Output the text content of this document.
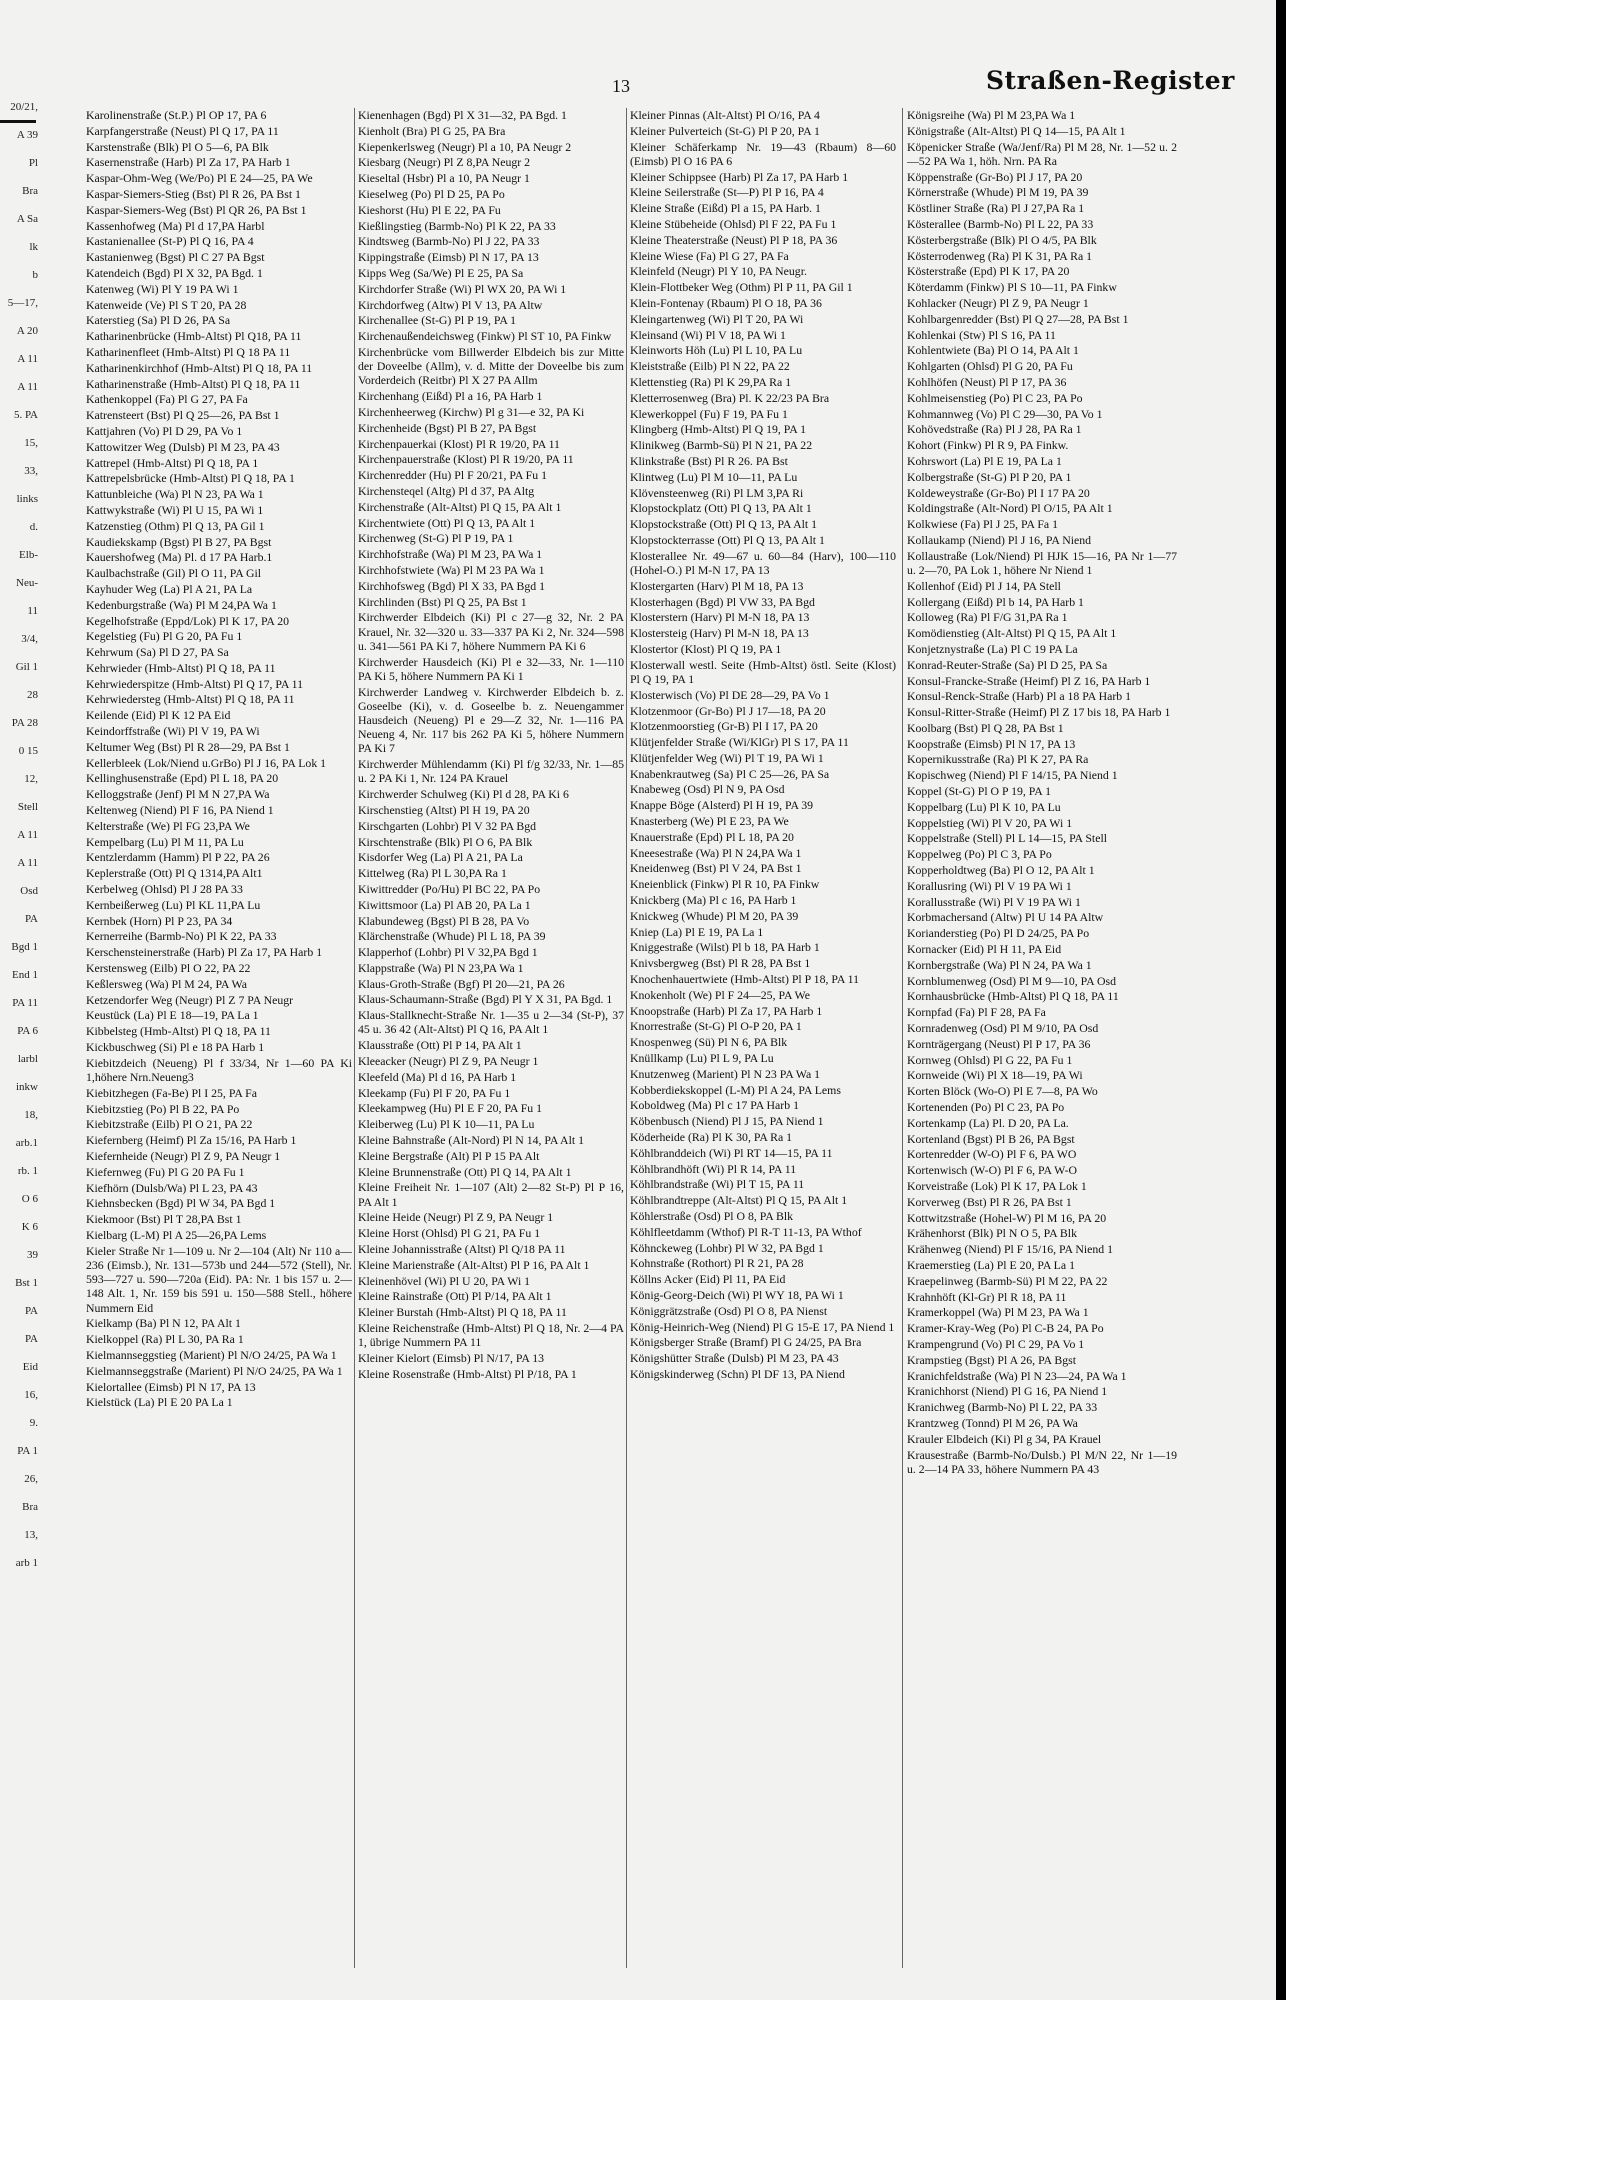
20/21,
A 39
Pl
Bra
A Sa
lk
b
5—17,
A 20
A 11
A 11
5. PA
15,
33,
links
d.
Elb-
Neu-
11
3/4,
Gil 1
28
PA 28
0 15
12,
Stell
A 11
A 11
Osd
PA
Bgd 1
End 1
PA 11
PA 6
larbl
inkw
18,
arb.1
rb. 1
O 6
K 6
39
Bst 1
PA
PA
Eid
16,
9.
PA 1
26,
Bra
13,
arb 1
13	Straßen-Register
Karolinenstraße (St.P.) Pl OP 17, PA 6
Karpfangerstraße (Neust) Pl Q 17, PA 11
Karstenstraße (Blk) Pl O 5—6, PA Blk
Kasernenstraße (Harb) Pl Za 17, PA Harb 1
Kaspar-Ohm-Weg (We/Po) Pl E 24—25, PA We
Kaspar-Siemers-Stieg (Bst) Pl R 26, PA Bst 1
Kaspar-Siemers-Weg (Bst) Pl QR 26, PA Bst 1
Kassenhofweg (Ma) Pl d 17,PA Harbl
Kastanienallee (St-P) Pl Q 16, PA 4
Kastanienweg (Bgst) Pl C 27 PA Bgst
Katendeich (Bgd) Pl X 32, PA Bgd. 1
Katenweg (Wi) Pl Y 19 PA Wi 1
Katenweide (Ve) Pl S T 20, PA 28
Katerstieg (Sa) Pl D 26, PA Sa
Katharinenbrücke (Hmb-Altst) Pl Q18, PA 11
Katharinenfleet (Hmb-Altst) Pl Q 18 PA 11
Katharinenkirchhof (Hmb-Altst) Pl Q 18, PA 11
Katharinenstraße (Hmb-Altst) Pl Q 18, PA 11
Kathenkoppel (Fa) Pl G 27, PA Fa
Katrensteert (Bst) Pl Q 25—26, PA Bst 1
Kattjahren (Vo) Pl D 29, PA Vo 1
Kattowitzer Weg (Dulsb) Pl M 23, PA 43
Kattrepel (Hmb-Altst) Pl Q 18, PA 1
Kattrepelsbrücke (Hmb-Altst) Pl Q 18, PA 1
Kattunbleiche (Wa) Pl N 23, PA Wa 1
Kattwykstraße (Wi) Pl U 15, PA Wi 1
Katzenstieg (Othm) Pl Q 13, PA Gil 1
Kaudiekskamp (Bgst) Pl B 27, PA Bgst
Kauershofweg (Ma) Pl. d 17 PA Harb.1
Kaulbachstraße (Gil) Pl O 11, PA Gil
Kayhuder Weg (La) Pl A 21, PA La
Kedenburgstraße (Wa) Pl M 24,PA Wa 1
Kegelhofstraße (Eppd/Lok) Pl K 17, PA 20
Kegelstieg (Fu) Pl G 20, PA Fu 1
Kehrwum (Sa) Pl D 27, PA Sa
Kehrwieder (Hmb-Altst) Pl Q 18, PA 11
Kehrwiederspitze (Hmb-Altst) Pl Q 17, PA 11
Kehrwiedersteg (Hmb-Altst) Pl Q 18, PA 11
Keilende (Eid) Pl K 12 PA Eid
Keindorffstraße (Wi) Pl V 19, PA Wi
Keltumer Weg (Bst) Pl R 28—29, PA Bst 1
Kellerbleek (Lok/Niend u.GrBo) Pl J 16, PA Lok 1
Kellinghusenstraße (Epd) Pl L 18, PA 20
Kelloggstraße (Jenf) Pl M N 27,PA Wa
Keltenweg (Niend) Pl F 16, PA Niend 1
Kelterstraße (We) Pl FG 23,PA We
Kempelbarg (Lu) Pl M 11, PA Lu
Kentzlerdamm (Hamm) Pl P 22, PA 26
Keplerstraße (Ott) Pl Q 1314,PA Alt1
Kerbelweg (Ohlsd) Pl J 28 PA 33
Kernbeißerweg (Lu) Pl KL 11,PA Lu
Kernbek (Horn) Pl P 23, PA 34
Kernerreihe (Barmb-No) Pl K 22, PA 33
Kerschensteinerstraße (Harb) Pl Za 17, PA Harb 1
Kerstensweg (Eilb) Pl O 22, PA 22
Keßlersweg (Wa) Pl M 24, PA Wa
Ketzendorfer Weg (Neugr) Pl Z 7 PA Neugr
Keustück (La) Pl E 18—19, PA La 1
Kibbelsteg (Hmb-Altst) Pl Q 18, PA 11
Kickbuschweg (Si) Pl e 18 PA Harb 1
Kiebitzdeich (Neueng) Pl f 33/34, Nr 1—60 PA Ki 1,höhere Nrn.Neueng3
Kiebitzhegen (Fa-Be) Pl I 25, PA Fa
Kiebitzstieg (Po) Pl B 22, PA Po
Kiebitzstraße (Eilb) Pl O 21, PA 22
Kiefernberg (Heimf) Pl Za 15/16, PA Harb 1
Kiefernheide (Neugr) Pl Z 9, PA Neugr 1
Kiefernweg (Fu) Pl G 20 PA Fu 1
Kiefhörn (Dulsb/Wa) Pl L 23, PA 43
Kiehnsbecken (Bgd) Pl W 34, PA Bgd 1
Kiekmoor (Bst) Pl T 28,PA Bst 1
Kielbarg (L-M) Pl A 25—26,PA Lems
Kieler Straße Nr 1—109 u. Nr 2—104 (Alt) Nr 110 a—236 (Eimsb.), Nr. 131—573b und 244—572 (Stell), Nr. 593—727 u. 590—720a (Eid). PA: Nr. 1 bis 157 u. 2—148 Alt. 1, Nr. 159 bis 591 u. 150—588 Stell., höhere Nummern Eid
Kielkamp (Ba) Pl N 12, PA Alt 1
Kielkoppel (Ra) Pl L 30, PA Ra 1
Kielmannseggstieg (Marient) Pl N/O 24/25, PA Wa 1
Kielmannseggstraße (Marient) Pl N/O 24/25, PA Wa 1
Kielortallee (Eimsb) Pl N 17, PA 13
Kielstück (La) Pl E 20 PA La 1
Kienenhagen (Bgd) Pl X 31—32, PA Bgd. 1
Kienholt (Bra) Pl G 25, PA Bra
Kiepenkerlsweg (Neugr) Pl a 10, PA Neugr 2
Kiesbarg (Neugr) Pl Z 8,PA Neugr 2
Kieseltal (Hsbr) Pl a 10, PA Neugr 1
Kieselweg (Po) Pl D 25, PA Po
Kieshorst (Hu) Pl E 22, PA Fu
Kießlingstieg (Barmb-No) Pl K 22, PA 33
Kindtsweg (Barmb-No) Pl J 22, PA 33
Kippingstraße (Eimsb) Pl N 17, PA 13
Kipps Weg (Sa/We) Pl E 25, PA Sa
Kirchdorfer Straße (Wi) Pl WX 20, PA Wi 1
Kirchdorfweg (Altw) Pl V 13, PA Altw
Kirchenallee (St-G) Pl P 19, PA 1
Kirchenaußendeichsweg (Finkw) Pl ST 10, PA Finkw
Kirchenbrücke vom Billwerder Elbdeich bis zur Mitte der Doveelbe (Allm), v. d. Mitte der Doveelbe bis zum Vorderdeich (Reitbr) Pl X 27 PA Allm
Kirchenhang (Eißd) Pl a 16, PA Harb 1
Kirchenheerweg (Kirchw) Pl g 31—e 32, PA Ki
Kirchenheide (Bgst) Pl B 27, PA Bgst
Kirchenpauerkai (Klost) Pl R 19/20, PA 11
Kirchenpauerstraße (Klost) Pl R 19/20, PA 11
Kirchenredder (Hu) Pl F 20/21, PA Fu 1
Kirchensteqel (Altg) Pl d 37, PA Altg
Kirchenstraße (Alt-Altst) Pl Q 15, PA Alt 1
Kirchentwiete (Ott) Pl Q 13, PA Alt 1
Kirchenweg (St-G) Pl P 19, PA 1
Kirchhofstraße (Wa) Pl M 23, PA Wa 1
Kirchhofstwiete (Wa) Pl M 23 PA Wa 1
Kirchhofsweg (Bgd) Pl X 33, PA Bgd 1
Kirchlinden (Bst) Pl Q 25, PA Bst 1
Kirchwerder Elbdeich (Ki) Pl c 27—g 32, Nr. 2 PA Krauel, Nr. 32—320 u. 33—337 PA Ki 2, Nr. 324—598 u. 341—561 PA Ki 7, höhere Nummern PA Ki 6
Kirchwerder Hausdeich (Ki) Pl e 32—33, Nr. 1—110 PA Ki 5, höhere Nummern PA Ki 1
Kirchwerder Landweg v. Kirchwerder Elbdeich b. z. Goseelbe (Ki), v. d. Goseelbe b. z. Neuengammer Hausdeich (Neueng) Pl e 29—Z 32, Nr. 1—116 PA Neueng 4, Nr. 117 bis 262 PA Ki 5, höhere Nummern PA Ki 7
Kirchwerder Mühlendamm (Ki) Pl f/g 32/33, Nr. 1—85 u. 2 PA Ki 1, Nr. 124 PA Krauel
Kirchwerder Schulweg (Ki) Pl d 28, PA Ki 6
Kirschenstieg (Altst) Pl H 19, PA 20
Kirschgarten (Lohbr) Pl V 32 PA Bgd
Kirschtenstraße (Blk) Pl O 6, PA Blk
Kisdorfer Weg (La) Pl A 21, PA La
Kittelweg (Ra) Pl L 30,PA Ra 1
Kiwittredder (Po/Hu) Pl BC 22, PA Po
Kiwittsmoor (La) Pl AB 20, PA La 1
Klabundeweg (Bgst) Pl B 28, PA Vo
Klärchenstraße (Whude) Pl L 18, PA 39
Klapperhof (Lohbr) Pl V 32,PA Bgd 1
Klappstraße (Wa) Pl N 23,PA Wa 1
Klaus-Groth-Straße (Bgf) Pl 20—21, PA 26
Klaus-Schaumann-Straße (Bgd) Pl Y X 31, PA Bgd. 1
Klaus-Stallknecht-Straße Nr. 1—35 u 2—34 (St-P), 37 45 u. 36 42 (Alt-Altst) Pl Q 16, PA Alt 1
Klausstraße (Ott) Pl P 14, PA Alt 1
Kleeacker (Neugr) Pl Z 9, PA Neugr 1
Kleefeld (Ma) Pl d 16, PA Harb 1
Kleekamp (Fu) Pl F 20, PA Fu 1
Kleekampweg (Hu) Pl E F 20, PA Fu 1
Kleiberweg (Lu) Pl K 10—11, PA Lu
Kleine Bahnstraße (Alt-Nord) Pl N 14, PA Alt 1
Kleine Bergstraße (Alt) Pl P 15 PA Alt
Kleine Brunnenstraße (Ott) Pl Q 14, PA Alt 1
Kleine Freiheit Nr. 1—107 (Alt) 2—82 St-P) Pl P 16, PA Alt 1
Kleine Heide (Neugr) Pl Z 9, PA Neugr 1
Kleine Horst (Ohlsd) Pl G 21, PA Fu 1
Kleine Johannisstraße (Altst) Pl Q/18 PA 11
Kleine Marienstraße (Alt-Altst) Pl P 16, PA Alt 1
Kleinenhövel (Wi) Pl U 20, PA Wi 1
Kleine Rainstraße (Ott) Pl P/14, PA Alt 1
Kleiner Burstah (Hmb-Altst) Pl Q 18, PA 11
Kleine Reichenstraße (Hmb-Altst) Pl Q 18, Nr. 2—4 PA 1, übrige Nummern PA 11
Kleiner Kielort (Eimsb) Pl N/17, PA 13
Kleine Rosenstraße (Hmb-Altst) Pl P/18, PA 1
Kleiner Pinnas (Alt-Altst) Pl O/16, PA 4
Kleiner Pulverteich (St-G) Pl P 20, PA 1
Kleiner Schäferkamp Nr. 19—43 (Rbaum) 8—60 (Eimsb) Pl O 16 PA 6
Kleiner Schippsee (Harb) Pl Za 17, PA Harb 1
Kleine Seilerstraße (St—P) Pl P 16, PA 4
Kleine Straße (Eißd) Pl a 15, PA Harb. 1
Kleine Stübeheide (Ohlsd) Pl F 22, PA Fu 1
Kleine Theaterstraße (Neust) Pl P 18, PA 36
Kleine Wiese (Fa) Pl G 27, PA Fa
Kleinfeld (Neugr) Pl Y 10, PA Neugr.
Klein-Flottbeker Weg (Othm) Pl P 11, PA Gil 1
Klein-Fontenay (Rbaum) Pl O 18, PA 36
Kleingartenweg (Wi) Pl T 20, PA Wi
Kleinsand (Wi) Pl V 18, PA Wi 1
Kleinworts Höh (Lu) Pl L 10, PA Lu
Kleiststraße (Eilb) Pl N 22, PA 22
Klettenstieg (Ra) Pl K 29,PA Ra 1
Kletterrosenweg (Bra) Pl. K 22/23 PA Bra
Klewerkoppel (Fu) F 19, PA Fu 1
Klingberg (Hmb-Altst) Pl Q 19, PA 1
Klinikweg (Barmb-Sü) Pl N 21, PA 22
Klinkstraße (Bst) Pl R 26. PA Bst
Klintweg (Lu) Pl M 10—11, PA Lu
Klövensteenweg (Ri) Pl LM 3,PA Ri
Klopstockplatz (Ott) Pl Q 13, PA Alt 1
Klopstockstraße (Ott) Pl Q 13, PA Alt 1
Klopstockterrasse (Ott) Pl Q 13, PA Alt 1
Klosterallee Nr. 49—67 u. 60—84 (Harv), 100—110 (Hohel-O.) Pl M-N 17, PA 13
Klostergarten (Harv) Pl M 18, PA 13
Klosterhagen (Bgd) Pl VW 33, PA Bgd
Klosterstern (Harv) Pl M-N 18, PA 13
Klostersteig (Harv) Pl M-N 18, PA 13
Klostertor (Klost) Pl Q 19, PA 1
Klosterwall westl. Seite (Hmb-Altst) östl. Seite (Klost) Pl Q 19, PA 1
Klosterwisch (Vo) Pl DE 28—29, PA Vo 1
Klotzenmoor (Gr-Bo) Pl J 17—18, PA 20
Klotzenmoorstieg (Gr-B) Pl I 17, PA 20
Klütjenfelder Straße (Wi/KlGr) Pl S 17, PA 11
Klütjenfelder Weg (Wi) Pl T 19, PA Wi 1
Knabenkrautweg (Sa) Pl C 25—26, PA Sa
Knabeweg (Osd) Pl N 9, PA Osd
Knappe Böge (Alsterd) Pl H 19, PA 39
Knasterberg (We) Pl E 23, PA We
Knauerstraße (Epd) Pl L 18, PA 20
Kneesestraße (Wa) Pl N 24,PA Wa 1
Kneidenweg (Bst) Pl V 24, PA Bst 1
Kneienblick (Finkw) Pl R 10, PA Finkw
Knickberg (Ma) Pl c 16, PA Harb 1
Knickweg (Whude) Pl M 20, PA 39
Kniep (La) Pl E 19, PA La 1
Kniggestraße (Wilst) Pl b 18, PA Harb 1
Knivsbergweg (Bst) Pl R 28, PA Bst 1
Knochenhauertwiete (Hmb-Altst) Pl P 18, PA 11
Knokenholt (We) Pl F 24—25, PA We
Knoopstraße (Harb) Pl Za 17, PA Harb 1
Knorrestraße (St-G) Pl O-P 20, PA 1
Knospenweg (Sü) Pl N 6, PA Blk
Knüllkamp (Lu) Pl L 9, PA Lu
Knutzenweg (Marient) Pl N 23 PA Wa 1
Kobberdiekskoppel (L-M) Pl A 24, PA Lems
Koboldweg (Ma) Pl c 17 PA Harb 1
Köbenbusch (Niend) Pl J 15, PA Niend 1
Köderheide (Ra) Pl K 30, PA Ra 1
Köhlbranddeich (Wi) Pl RT 14—15, PA 11
Köhlbrandhöft (Wi) Pl R 14, PA 11
Köhlbrandstraße (Wi) Pl T 15, PA 11
Köhlbrandtreppe (Alt-Altst) Pl Q 15, PA Alt 1
Köhlerstraße (Osd) Pl O 8, PA Blk
Köhlfleetdamm (Wthof) Pl R-T 11-13, PA Wthof
Köhnckeweg (Lohbr) Pl W 32, PA Bgd 1
Kohnstraße (Rothort) Pl R 21, PA 28
Köllns Acker (Eid) Pl 11, PA Eid
König-Georg-Deich (Wi) Pl WY 18, PA Wi 1
Königgrätzstraße (Osd) Pl O 8, PA Nienst
König-Heinrich-Weg (Niend) Pl G 15-E 17, PA Niend 1
Königsberger Straße (Bramf) Pl G 24/25, PA Bra
Königshütter Straße (Dulsb) Pl M 23, PA 43
Königskinderweg (Schn) Pl DF 13, PA Niend
Königsreihe (Wa) Pl M 23,PA Wa 1
Königstraße (Alt-Altst) Pl Q 14—15, PA Alt 1
Köpenicker Straße (Wa/Jenf/Ra) Pl M 28, Nr. 1—52 u. 2—52 PA Wa 1, höh. Nrn. PA Ra
Köppenstraße (Gr-Bo) Pl J 17, PA 20
Körnerstraße (Whude) Pl M 19, PA 39
Köstliner Straße (Ra) Pl J 27,PA Ra 1
Kösterallee (Barmb-No) Pl L 22, PA 33
Kösterbergstraße (Blk) Pl O 4/5, PA Blk
Kösterrodenweg (Ra) Pl K 31, PA Ra 1
Kösterstraße (Epd) Pl K 17, PA 20
Köterdamm (Finkw) Pl S 10—11, PA Finkw
Kohlacker (Neugr) Pl Z 9, PA Neugr 1
Kohlbargenredder (Bst) Pl Q 27—28, PA Bst 1
Kohlenkai (Stw) Pl S 16, PA 11
Kohlentwiete (Ba) Pl O 14, PA Alt 1
Kohlgarten (Ohlsd) Pl G 20, PA Fu
Kohlhöfen (Neust) Pl P 17, PA 36
Kohlmeisenstieg (Po) Pl C 23, PA Po
Kohmannweg (Vo) Pl C 29—30, PA Vo 1
Kohövedstraße (Ra) Pl J 28, PA Ra 1
Kohort (Finkw) Pl R 9, PA Finkw.
Kohrswort (La) Pl E 19, PA La 1
Kolbergstraße (St-G) Pl P 20, PA 1
Koldeweystraße (Gr-Bo) Pl I 17 PA 20
Koldingstraße (Alt-Nord) Pl O/15, PA Alt 1
Kolkwiese (Fa) Pl J 25, PA Fa 1
Kollaukamp (Niend) Pl J 16, PA Niend
Kollaustraße (Lok/Niend) Pl HJK 15—16, PA Nr 1—77 u. 2—70, PA Lok 1, höhere Nr Niend 1
Kollenhof (Eid) Pl J 14, PA Stell
Kollergang (Eißd) Pl b 14, PA Harb 1
Kolloweg (Ra) Pl F/G 31,PA Ra 1
Komödienstieg (Alt-Altst) Pl Q 15, PA Alt 1
Konjetznystraße (La) Pl C 19 PA La
Konrad-Reuter-Straße (Sa) Pl D 25, PA Sa
Konsul-Francke-Straße (Heimf) Pl Z 16, PA Harb 1
Konsul-Renck-Straße (Harb) Pl a 18 PA Harb 1
Konsul-Ritter-Straße (Heimf) Pl Z 17 bis 18, PA Harb 1
Koolbarg (Bst) Pl Q 28, PA Bst 1
Koopstraße (Eimsb) Pl N 17, PA 13
Kopernikusstraße (Ra) Pl K 27, PA Ra
Kopischweg (Niend) Pl F 14/15, PA Niend 1
Koppel (St-G) Pl O P 19, PA 1
Koppelbarg (Lu) Pl K 10, PA Lu
Koppelstieg (Wi) Pl V 20, PA Wi 1
Koppelstraße (Stell) Pl L 14—15, PA Stell
Koppelweg (Po) Pl C 3, PA Po
Kopperholdtweg (Ba) Pl O 12, PA Alt 1
Korallusring (Wi) Pl V 19 PA Wi 1
Korallusstraße (Wi) Pl V 19 PA Wi 1
Korbmachersand (Altw) Pl U 14 PA Altw
Korianderstieg (Po) Pl D 24/25, PA Po
Kornacker (Eid) Pl H 11, PA Eid
Kornbergstraße (Wa) Pl N 24, PA Wa 1
Kornblumenweg (Osd) Pl M 9—10, PA Osd
Kornhausbrücke (Hmb-Altst) Pl Q 18, PA 11
Kornpfad (Fa) Pl F 28, PA Fa
Kornradenweg (Osd) Pl M 9/10, PA Osd
Kornträgergang (Neust) Pl P 17, PA 36
Kornweg (Ohlsd) Pl G 22, PA Fu 1
Kornweide (Wi) Pl X 18—19, PA Wi
Korten Blöck (Wo-O) Pl E 7—8, PA Wo
Kortenenden (Po) Pl C 23, PA Po
Kortenkamp (La) Pl. D 20, PA La.
Kortenland (Bgst) Pl B 26, PA Bgst
Kortenredder (W-O) Pl F 6, PA WO
Kortenwisch (W-O) Pl F 6, PA W-O
Korveistraße (Lok) Pl K 17, PA Lok 1
Korverweg (Bst) Pl R 26, PA Bst 1
Kottwitzstraße (Hohel-W) Pl M 16, PA 20
Krähenhorst (Blk) Pl N O 5, PA Blk
Krähenweg (Niend) Pl F 15/16, PA Niend 1
Kraemerstieg (La) Pl E 20, PA La 1
Kraepelinweg (Barmb-Sü) Pl M 22, PA 22
Krahnhöft (Kl-Gr) Pl R 18, PA 11
Kramerkoppel (Wa) Pl M 23, PA Wa 1
Kramer-Kray-Weg (Po) Pl C-B 24, PA Po
Krampengrund (Vo) Pl C 29, PA Vo 1
Krampstieg (Bgst) Pl A 26, PA Bgst
Kranichfeldstraße (Wa) Pl N 23—24, PA Wa 1
Kranichhorst (Niend) Pl G 16, PA Niend 1
Kranichweg (Barmb-No) Pl L 22, PA 33
Krantzweg (Tonnd) Pl M 26, PA Wa
Krauler Elbdeich (Ki) Pl g 34, PA Krauel
Krausestraße (Barmb-No/Dulsb.) Pl M/N 22, Nr 1—19 u. 2—14 PA 33, höhere Nummern PA 43
